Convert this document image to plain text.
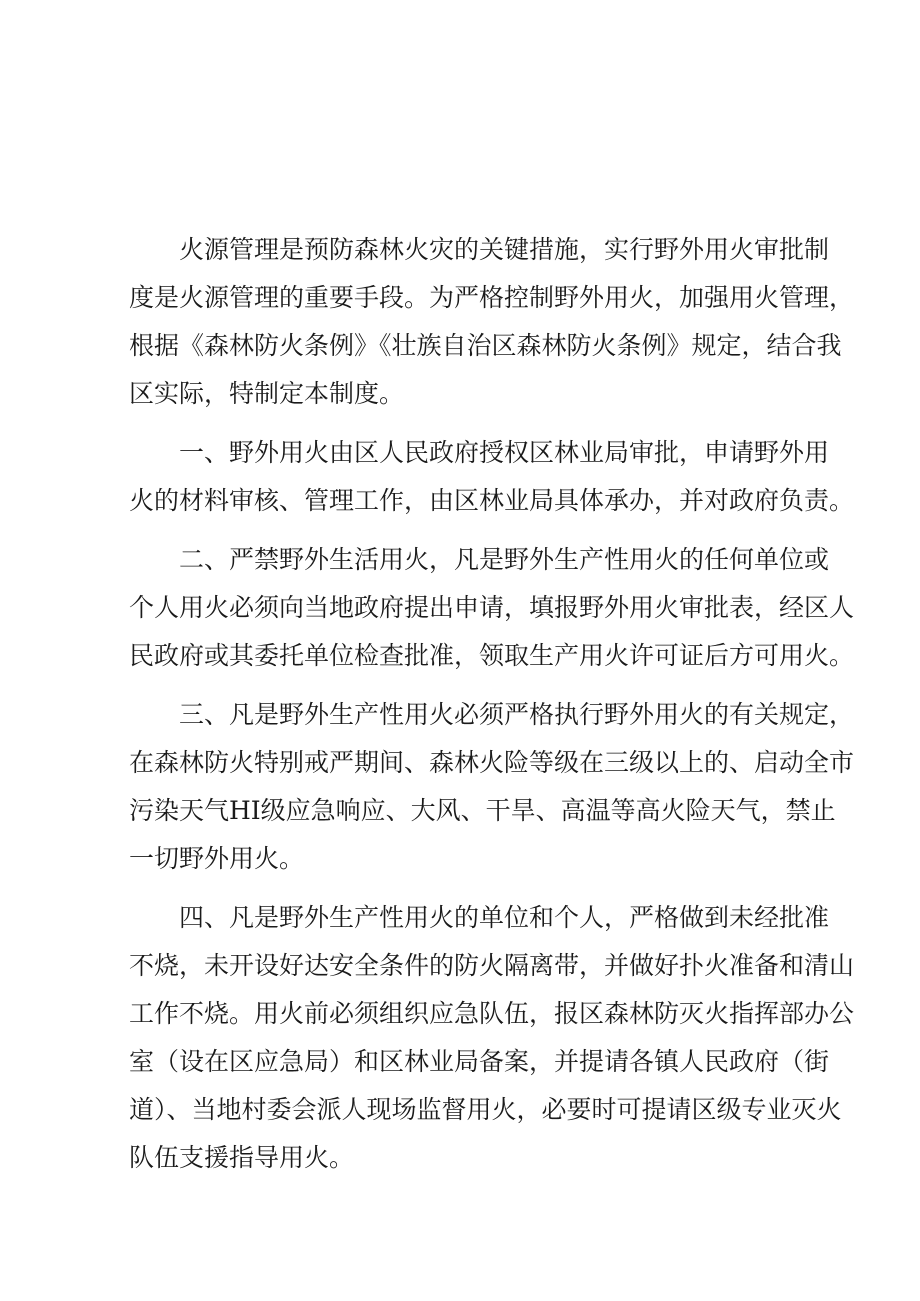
火源管理是预防森林火灾的关键措施，实行野外用火审批制
度是火源管理的重要手段。为严格控制野外用火，加强用火管理，
根据《森林防火条例》《壮族自治区森林防火条例》规定，结合我
区实际，特制定本制度。
一、野外用火由区人民政府授权区林业局审批，申请野外用
火的材料审核、管理工作，由区林业局具体承办，并对政府负责。
二、严禁野外生活用火，凡是野外生产性用火的任何单位或
个人用火必须向当地政府提出申请，填报野外用火审批表，经区人
民政府或其委托单位检查批准，领取生产用火许可证后方可用火。
三、凡是野外生产性用火必须严格执行野外用火的有关规定，
在森林防火特别戒严期间、森林火险等级在三级以上的、启动全市
污染天气HI级应急响应、大风、干旱、高温等高火险天气，禁止
一切野外用火。
四、凡是野外生产性用火的单位和个人，严格做到未经批准
不烧，未开设好达安全条件的防火隔离带，并做好扑火准备和清山
工作不烧。用火前必须组织应急队伍，报区森林防灭火指挥部办公
室（设在区应急局）和区林业局备案，并提请各镇人民政府（街
道）、当地村委会派人现场监督用火，必要时可提请区级专业灭火
队伍支援指导用火。
